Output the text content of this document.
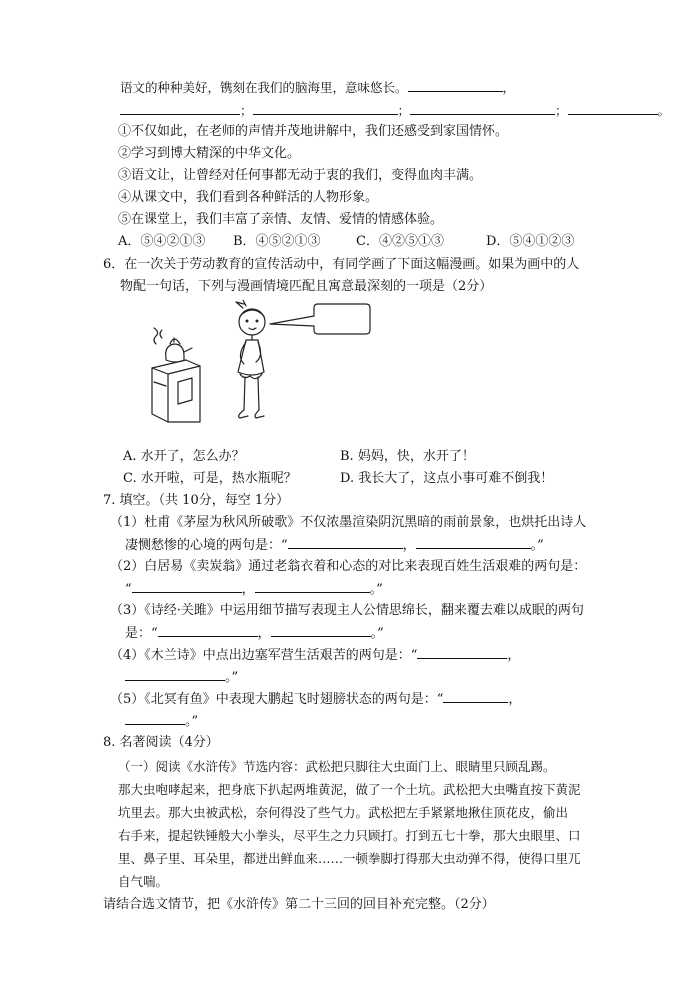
语文的种种美好，镌刻在我们的脑海里，意味悠长。	，
；	；	；	。
①不仅如此，在老师的声情并茂地讲解中，我们还感受到家国情怀。
②学习到博大精深的中华文化。
③语文让，让曾经对任何事都无动于衷的我们，变得血肉丰满。
④从课文中，我们看到各种鲜活的人物形象。
⑤在课堂上，我们丰富了亲情、友情、爱情的情感体验。
A．⑤④②①③ B．④⑤②①③	C．④②⑤①③	D．⑤④①②③
6．在一次关于劳动教育的宣传活动中，有同学画了下面这幅漫画。如果为画中的人
物配一句话，下列与漫画情境匹配且寓意最深刻的一项是（2分）
A. 水开了，怎么办？	B. 妈妈，快，水开了！
C. 水开啦，可是，热水瓶呢？	D. 我长大了，这点小事可难不倒我！
7. 填空。（共 10分，每空 1分）
（1）杜甫《茅屋为秋风所破歌》不仅浓墨渲染阴沉黑暗的雨前景象，也烘托出诗人
凄恻愁惨的心境的两句是：“	，	。”
（2）白居易《卖炭翁》通过老翁衣着和心态的对比来表现百姓生活艰难的两句是：
“	，	。”
（3）《诗经·关雎》中运用细节描写表现主人公情思绵长，翻来覆去难以成眠的两句
是：“	，	。”
（4）《木兰诗》中点出边塞军营生活艰苦的两句是：“	，
。”
（5）《北冥有鱼》中表现大鹏起飞时翅膀状态的两句是：“	，
。”
8. 名著阅读（4分）
（一）阅读《水浒传》节选内容：武松把只脚往大虫面门上、眼睛里只顾乱踢。
那大虫咆哮起来，把身底下扒起两堆黄泥，做了一个土坑。武松把大虫嘴直按下黄泥
坑里去。那大虫被武松，奈何得没了些气力。武松把左手紧紧地揪住顶花皮，偷出
右手来，提起铁锤般大小拳头，尽平生之力只顾打。打到五七十拳，那大虫眼里、口
里、鼻子里、耳朵里，都迸出鲜血来……一顿拳脚打得那大虫动弹不得，使得口里兀
自气喘。
请结合选文情节，把《水浒传》第二十三回的回目补充完整。（2分）
